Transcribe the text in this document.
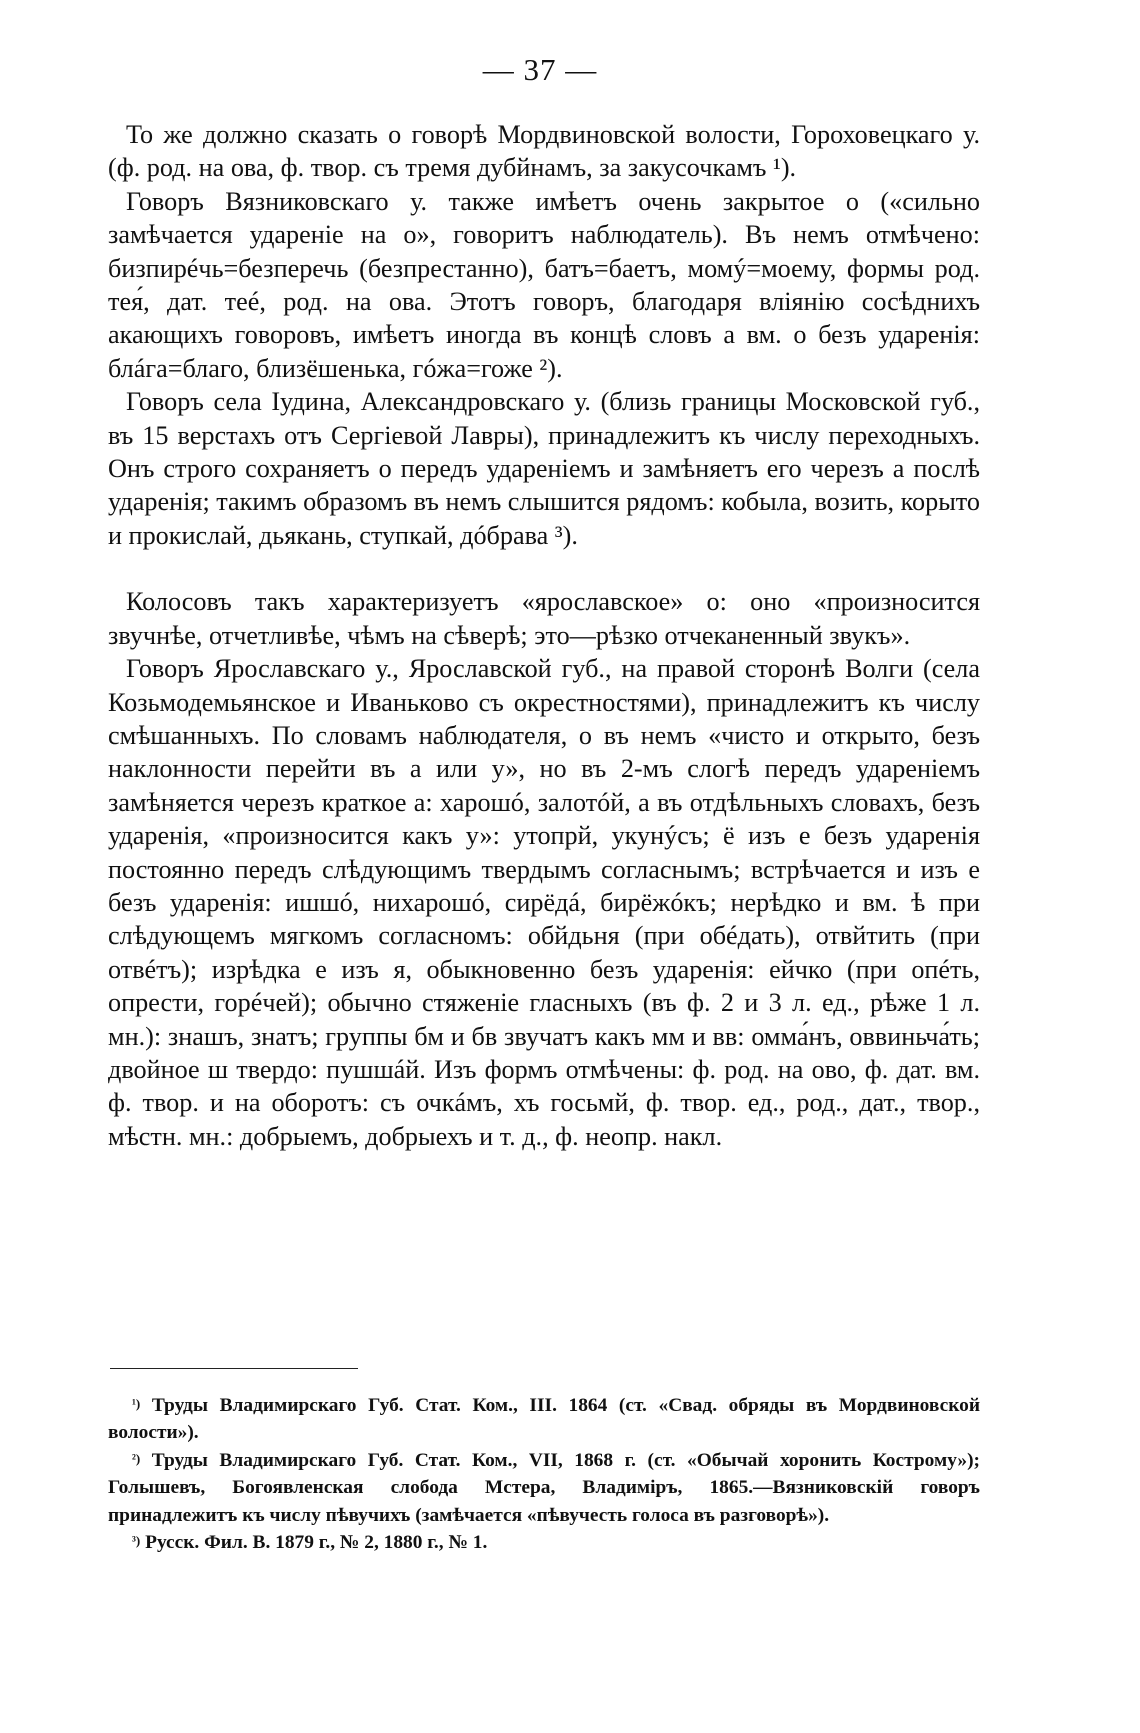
— 37 —

То же должно сказать о говорѣ Мордвиновской волости, Гороховецкаго у. (ф. род. на ова, ф. твор. съ тремя дубйнамъ, за закусочкамъ ¹).

Говоръ Вязниковскаго у. также имѣетъ очень закрытое о («сильно замѣчается удареніе на о», говоритъ наблюдатель). Въ немъ отмѣчено: бизпирéчь=безперечь (безпрестанно), батъ=баетъ, момý=моему, формы род. тея́, дат. теé, род. на ова. Этотъ говоръ, благодаря вліянію сосѣднихъ акающихъ говоровъ, имѣетъ иногда въ концѣ словъ а вм. о безъ ударенія: блáга=благо, близёшенька, гóжа=гоже ²).

Говоръ села Іудина, Александровскаго у. (близь границы Московской губ., въ 15 верстахъ отъ Сергіевой Лавры), принадлежитъ къ числу переходныхъ. Онъ строго сохраняетъ о передъ удареніемъ и замѣняетъ его черезъ а послѣ ударенія; такимъ образомъ въ немъ слышится рядомъ: кобыла, возить, корыто и прокислай, дьякань, ступкай, дóбрава ³).

Колосовъ такъ характеризуетъ «ярославское» о: оно «произносится звучнѣе, отчетливѣе, чѣмъ на сѣверѣ; это—рѣзко отчеканенный звукъ».

Говоръ Ярославскаго у., Ярославской губ., на правой сторонѣ Волги (села Козьмодемьянское и Иваньково съ окрестностями), принадлежитъ къ числу смѣшанныхъ. По словамъ наблюдателя, о въ немъ «чисто и открыто, безъ наклонности перейти въ а или у», но въ 2-мъ слогѣ передъ удареніемъ замѣняется черезъ краткое а: харошó, залотóй, а въ отдѣльныхъ словахъ, безъ ударенія, «произносится какъ у»: утопрй, укунýсъ; ё изъ е безъ ударенія постоянно передъ слѣдующимъ твердымъ согласнымъ; встрѣчается и изъ е безъ ударенія: ишшó, нихарошó, сирёдá, бирёжóкъ; нерѣдко и вм. ѣ при слѣдующемъ мягкомъ согласномъ: обйдьня (при обéдать), отвйтить (при отвéтъ); изрѣдка е изъ я, обыкновенно безъ ударенія: ейчко (при опéть, опрести, горéчей); обычно стяженіе гласныхъ (въ ф. 2 и 3 л. ед., рѣже 1 л. мн.): знашъ, знатъ; группы бм и бв звучатъ какъ мм и вв: омма́нъ, оввиньча́ть; двойное ш твердо: пушшáй. Изъ формъ отмѣчены: ф. род. на ово, ф. дат. вм. ф. твор. и на оборотъ: съ очкáмъ, хъ госьмй, ф. твор. ед., род., дат., твор., мѣстн. мн.: добрыемъ, добрыехъ и т. д., ф. неопр. накл.

$^{^1)}$ Труды Владимирскаго Губ. Стат. Ком., III. 1864 (ст. «Свад. обряды въ Мордвиновской волости»).

$^{^2)}$ Труды Владимирскаго Губ. Стат. Ком., VII, 1868 г. (ст. «Обычай хоронить Кострому»); Голышевъ, Богоявленская слобода Мстера, Владиміръ, 1865.—Вязниковскій говоръ принадлежитъ къ числу пѣвучихъ (замѣчается «пѣвучесть голоса въ разговорѣ»).

$^{^3)}$ Русск. Фил. В. 1879 г., № 2, 1880 г., № 1.
